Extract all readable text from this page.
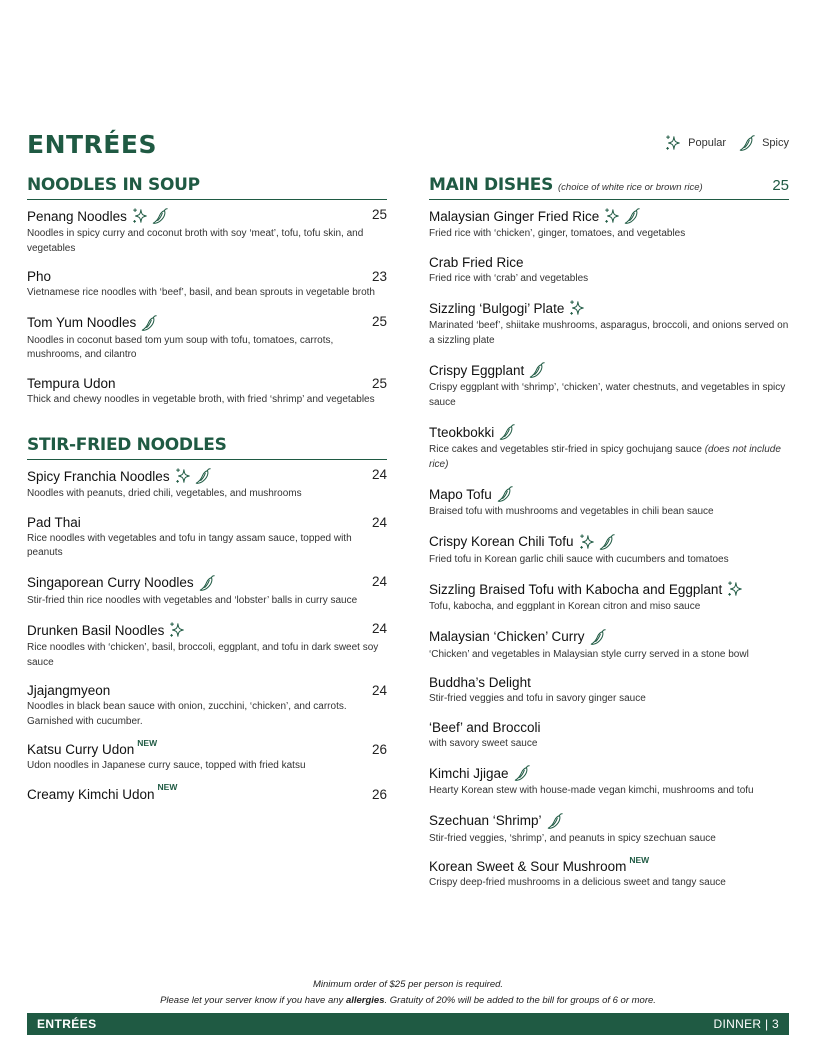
ENTRÉES	Popular	Spicy
NOODLES IN SOUP
Penang Noodles	25
Noodles in spicy curry and coconut broth with soy ‘meat’, tofu, tofu skin, and vegetables
Pho	23
Vietnamese rice noodles with ‘beef’, basil, and bean sprouts in vegetable broth
Tom Yum Noodles	25
Noodles in coconut based tom yum soup with tofu, tomatoes, carrots, mushrooms, and cilantro
Tempura Udon	25
Thick and chewy noodles in vegetable broth, with fried ‘shrimp’ and vegetables
STIR-FRIED NOODLES
Spicy Franchia Noodles	24
Noodles with peanuts, dried chili, vegetables, and mushrooms
Pad Thai	24
Rice noodles with vegetables and tofu in tangy assam sauce, topped with peanuts
Singaporean Curry Noodles	24
Stir-fried thin rice noodles with vegetables and ‘lobster’ balls in curry sauce
Drunken Basil Noodles	24
Rice noodles with ‘chicken’, basil, broccoli, eggplant, and tofu in dark sweet soy sauce
Jjajangmyeon	24
Noodles in black bean sauce with onion, zucchini, ‘chicken’, and carrots. Garnished with cucumber.
Katsu Curry Udon NEW	26
Udon noodles in Japanese curry sauce, topped with fried katsu
Creamy Kimchi Udon NEW	26
MAIN DISHES (choice of white rice or brown rice)	25
Malaysian Ginger Fried Rice
Fried rice with ‘chicken’, ginger, tomatoes, and vegetables
Crab Fried Rice
Fried rice with ‘crab’ and vegetables
Sizzling ‘Bulgogi’ Plate
Marinated ‘beef’, shiitake mushrooms, asparagus, broccoli, and onions served on a sizzling plate
Crispy Eggplant
Crispy eggplant with ‘shrimp’, ‘chicken’, water chestnuts, and vegetables in spicy sauce
Tteokbokki
Rice cakes and vegetables stir-fried in spicy gochujang sauce (does not include rice)
Mapo Tofu
Braised tofu with mushrooms and vegetables in chili bean sauce
Crispy Korean Chili Tofu
Fried tofu in Korean garlic chili sauce with cucumbers and tomatoes
Sizzling Braised Tofu with Kabocha and Eggplant
Tofu, kabocha, and eggplant in Korean citron and miso sauce
Malaysian ‘Chicken’ Curry
‘Chicken’ and vegetables in Malaysian style curry served in a stone bowl
Buddha’s Delight
Stir-fried veggies and tofu in savory ginger sauce
‘Beef’ and Broccoli
with savory sweet sauce
Kimchi Jjigae
Hearty Korean stew with house-made vegan kimchi, mushrooms and tofu
Szechuan ‘Shrimp’
Stir-fried veggies, ‘shrimp’, and peanuts in spicy szechuan sauce
Korean Sweet & Sour Mushroom NEW
Crispy deep-fried mushrooms in a delicious sweet and tangy sauce
Minimum order of $25 per person is required.
Please let your server know if you have any allergies. Gratuity of 20% will be added to the bill for groups of 6 or more.
ENTRÉES	DINNER | 3
